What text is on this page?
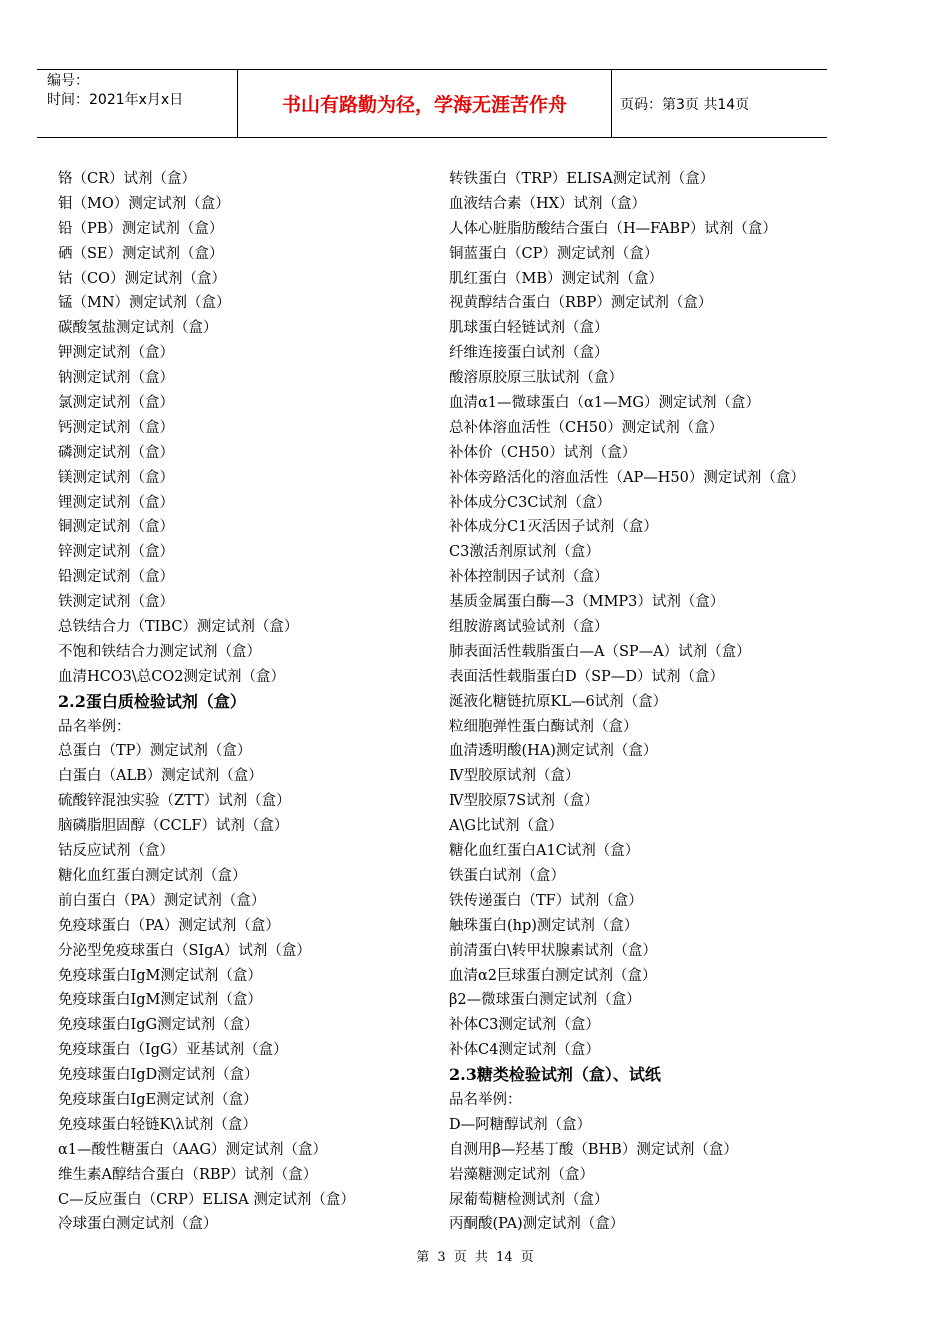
编号：
时间：2021年x月x日	书山有路勤为径，学海无涯苦作舟	页码：第3页 共14页
铬（CR）试剂（盒）
钼（MO）测定试剂（盒）
铅（PB）测定试剂（盒）
硒（SE）测定试剂（盒）
钴（CO）测定试剂（盒）
锰（MN）测定试剂（盒）
碳酸氢盐测定试剂（盒）
钾测定试剂（盒）
钠测定试剂（盒）
氯测定试剂（盒）
钙测定试剂（盒）
磷测定试剂（盒）
镁测定试剂（盒）
锂测定试剂（盒）
铜测定试剂（盒）
锌测定试剂（盒）
铅测定试剂（盒）
铁测定试剂（盒）
总铁结合力（TIBC）测定试剂（盒）
不饱和铁结合力测定试剂（盒）
血清HCO3\总CO2测定试剂（盒）
2.2蛋白质检验试剂（盒）
品名举例：
总蛋白（TP）测定试剂（盒）
白蛋白（ALB）测定试剂（盒）
硫酸锌混浊实验（ZTT）试剂（盒）
脑磷脂胆固醇（CCLF）试剂（盒）
钴反应试剂（盒）
糖化血红蛋白测定试剂（盒）
前白蛋白（PA）测定试剂（盒）
免疫球蛋白（PA）测定试剂（盒）
分泌型免疫球蛋白（SIgA）试剂（盒）
免疫球蛋白IgM测定试剂（盒）
免疫球蛋白IgM测定试剂（盒）
免疫球蛋白IgG测定试剂（盒）
免疫球蛋白（IgG）亚基试剂（盒）
免疫球蛋白IgD测定试剂（盒）
免疫球蛋白IgE测定试剂（盒）
免疫球蛋白轻链K\λ试剂（盒）
α1—酸性糖蛋白（AAG）测定试剂（盒）
维生素A醇结合蛋白（RBP）试剂（盒）
C—反应蛋白（CRP）ELISA 测定试剂（盒）
冷球蛋白测定试剂（盒）
转铁蛋白（TRP）ELISA测定试剂（盒）
血液结合素（HX）试剂（盒）
人体心脏脂肪酸结合蛋白（H—FABP）试剂（盒）
铜蓝蛋白（CP）测定试剂（盒）
肌红蛋白（MB）测定试剂（盒）
视黄醇结合蛋白（RBP）测定试剂（盒）
肌球蛋白轻链试剂（盒）
纤维连接蛋白试剂（盒）
酸溶原胶原三肽试剂（盒）
血清α1—微球蛋白（α1—MG）测定试剂（盒）
总补体溶血活性（CH50）测定试剂（盒）
补体价（CH50）试剂（盒）
补体旁路活化的溶血活性（AP—H50）测定试剂（盒）
补体成分C3C试剂（盒）
补体成分C1灭活因子试剂（盒）
C3激活剂原试剂（盒）
补体控制因子试剂（盒）
基质金属蛋白酶—3（MMP3）试剂（盒）
组胺游离试验试剂（盒）
肺表面活性载脂蛋白—A（SP—A）试剂（盒）
表面活性载脂蛋白D（SP—D）试剂（盒）
涎液化糖链抗原KL—6试剂（盒）
粒细胞弹性蛋白酶试剂（盒）
血清透明酸(HA)测定试剂（盒）
Ⅳ型胶原试剂（盒）
Ⅳ型胶原7S试剂（盒）
A\G比试剂（盒）
糖化血红蛋白A1C试剂（盒）
铁蛋白试剂（盒）
铁传递蛋白（TF）试剂（盒）
触珠蛋白(hp)测定试剂（盒）
前清蛋白\转甲状腺素试剂（盒）
血清α2巨球蛋白测定试剂（盒）
β2—微球蛋白测定试剂（盒）
补体C3测定试剂（盒）
补体C4测定试剂（盒）
2.3糖类检验试剂（盒）、试纸
品名举例：
D—阿糖醇试剂（盒）
自测用β—羟基丁酸（BHB）测定试剂（盒）
岩藻糖测定试剂（盒）
尿葡萄糖检测试剂（盒）
丙酮酸(PA)测定试剂（盒）
第 3 页 共 14 页
